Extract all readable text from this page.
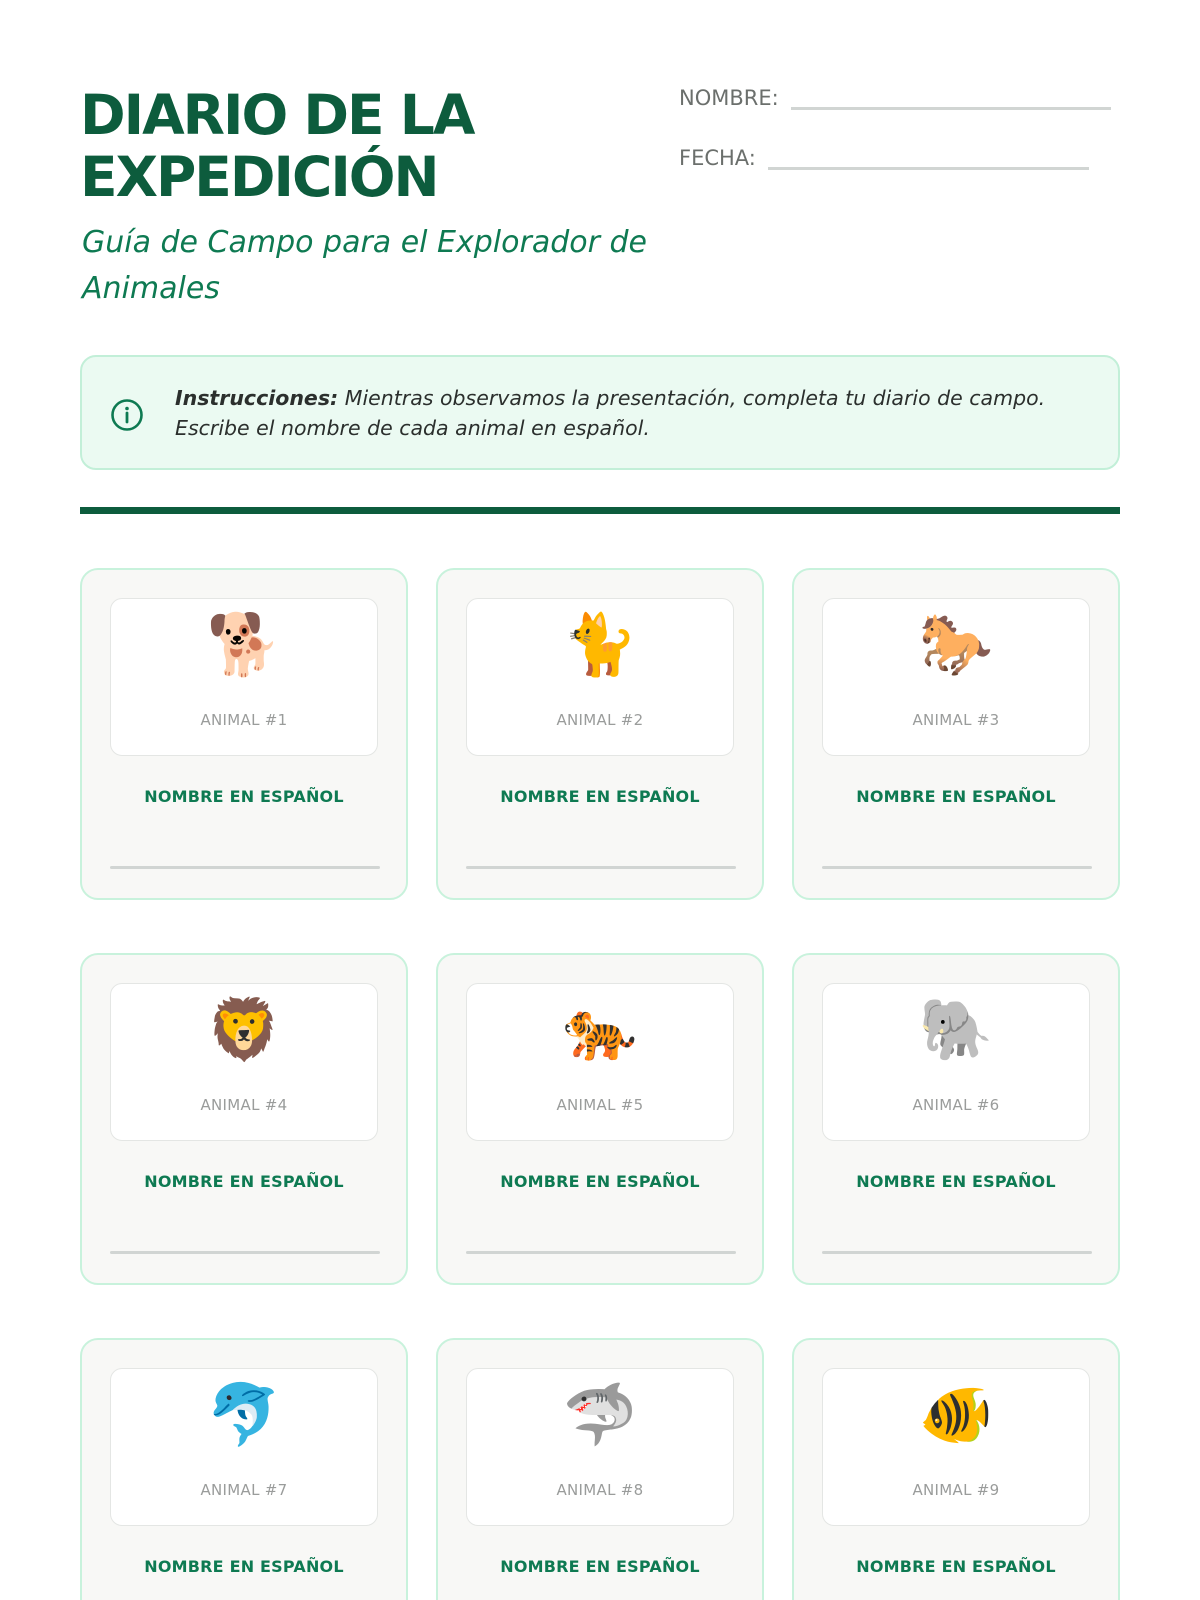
DIARIO DE LA
EXPEDICIÓN
Guía de Campo para el Explorador de Animales
NOMBRE:
FECHA:
Instrucciones: Mientras observamos la presentación, completa tu diario de campo. Escribe el nombre de cada animal en español.
🐕
ANIMAL #1
NOMBRE EN ESPAÑOL
🐈
ANIMAL #2
NOMBRE EN ESPAÑOL
🐎
ANIMAL #3
NOMBRE EN ESPAÑOL
🦁
ANIMAL #4
NOMBRE EN ESPAÑOL
🐅
ANIMAL #5
NOMBRE EN ESPAÑOL
🐘
ANIMAL #6
NOMBRE EN ESPAÑOL
🐬
ANIMAL #7
NOMBRE EN ESPAÑOL
🦈
ANIMAL #8
NOMBRE EN ESPAÑOL
🐠
ANIMAL #9
NOMBRE EN ESPAÑOL
